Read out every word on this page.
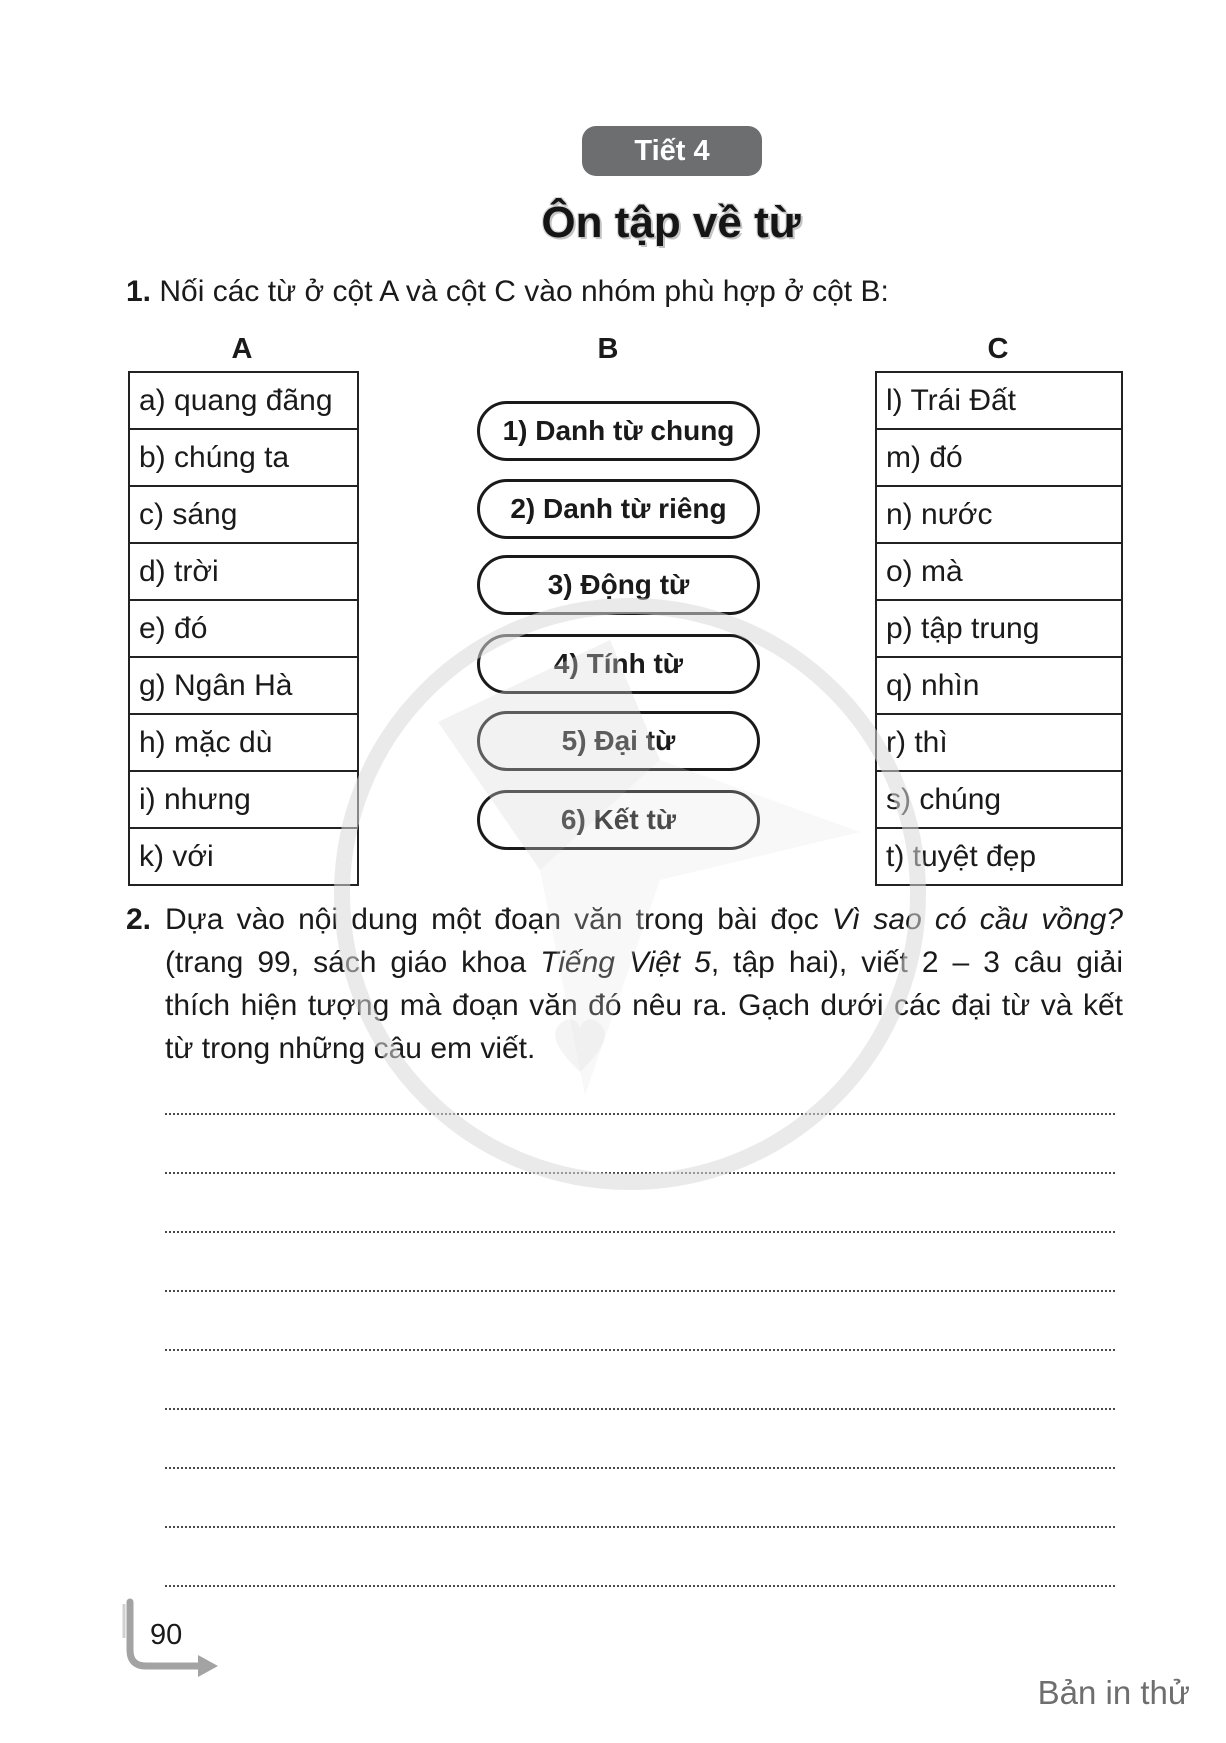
Tiết 4
Ôn tập về từ
1. Nối các từ ở cột A và cột C vào nhóm phù hợp ở cột B:
A	B	C
a) quang đãng
b) chúng ta
c) sáng
d) trời
e) đó
g) Ngân Hà
h) mặc dù
i) nhưng
k) với
1) Danh từ chung
2) Danh từ riêng
3) Động từ
4) Tính từ
5) Đại từ
6) Kết từ
l) Trái Đất
m) đó
n) nước
o) mà
p) tập trung
q) nhìn
r) thì
s) chúng
t) tuyệt đẹp
2. Dựa vào nội dung một đoạn văn trong bài đọc Vì sao có cầu vồng?
(trang 99, sách giáo khoa Tiếng Việt 5, tập hai), viết 2 – 3 câu giải
thích hiện tượng mà đoạn văn đó nêu ra. Gạch dưới các đại từ và kết
từ trong những câu em viết.
90
Bản in thử
